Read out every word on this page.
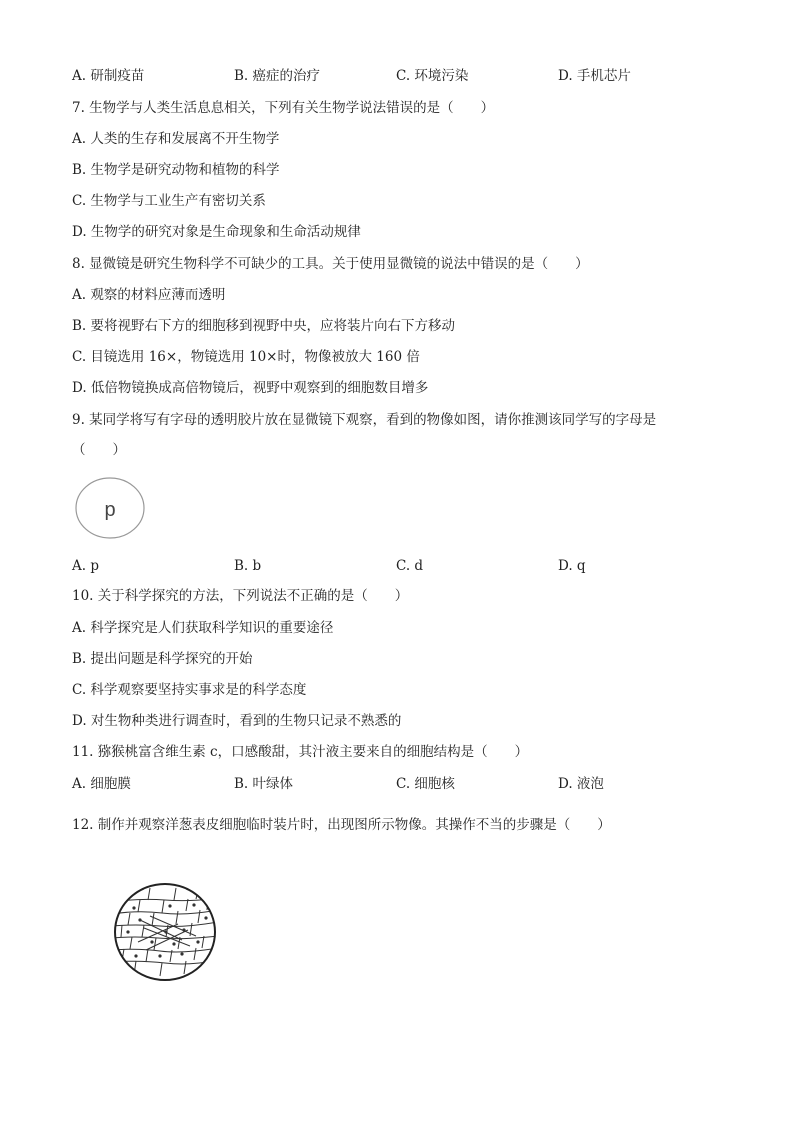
A. 研制疫苗	B. 癌症的治疗	C. 环境污染	D. 手机芯片
7. 生物学与人类生活息息相关，下列有关生物学说法错误的是（　　）
A. 人类的生存和发展离不开生物学
B. 生物学是研究动物和植物的科学
C. 生物学与工业生产有密切关系
D. 生物学的研究对象是生命现象和生命活动规律
8. 显微镜是研究生物科学不可缺少的工具。关于使用显微镜的说法中错误的是（　　）
A. 观察的材料应薄而透明
B. 要将视野右下方的细胞移到视野中央，应将装片向右下方移动
C. 目镜选用 16×，物镜选用 10×时，物像被放大 160 倍
D. 低倍物镜换成高倍物镜后，视野中观察到的细胞数目增多
9. 某同学将写有字母的透明胶片放在显微镜下观察，看到的物像如图，请你推测该同学写的字母是
（　　）
p
A. p	B. b	C. d	D. q
10. 关于科学探究的方法，下列说法不正确的是（　　）
A. 科学探究是人们获取科学知识的重要途径
B. 提出问题是科学探究的开始
C. 科学观察要坚持实事求是的科学态度
D. 对生物种类进行调查时，看到的生物只记录不熟悉的
11. 猕猴桃富含维生素 c，口感酸甜，其汁液主要来自的细胞结构是（　　）
A. 细胞膜	B. 叶绿体	C. 细胞核	D. 液泡
12. 制作并观察洋葱表皮细胞临时装片时，出现图所示物像。其操作不当的步骤是（　　）
